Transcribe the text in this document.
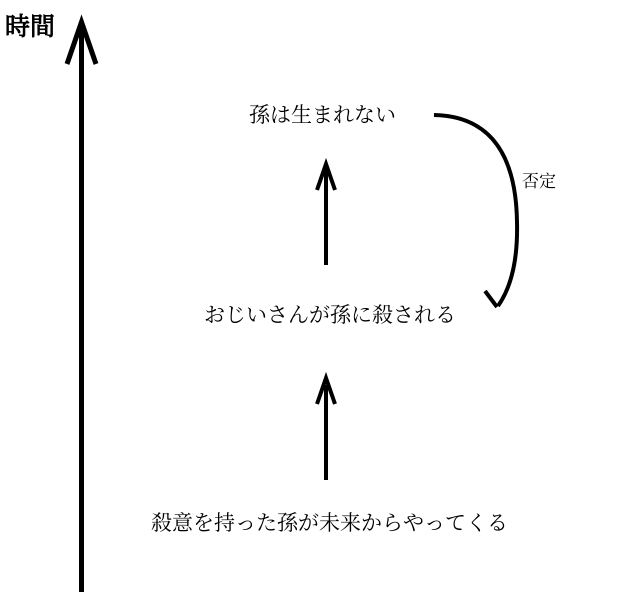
時間
孫は生まれない
否定
おじいさんが孫に殺される
殺意を持った孫が未来からやってくる
